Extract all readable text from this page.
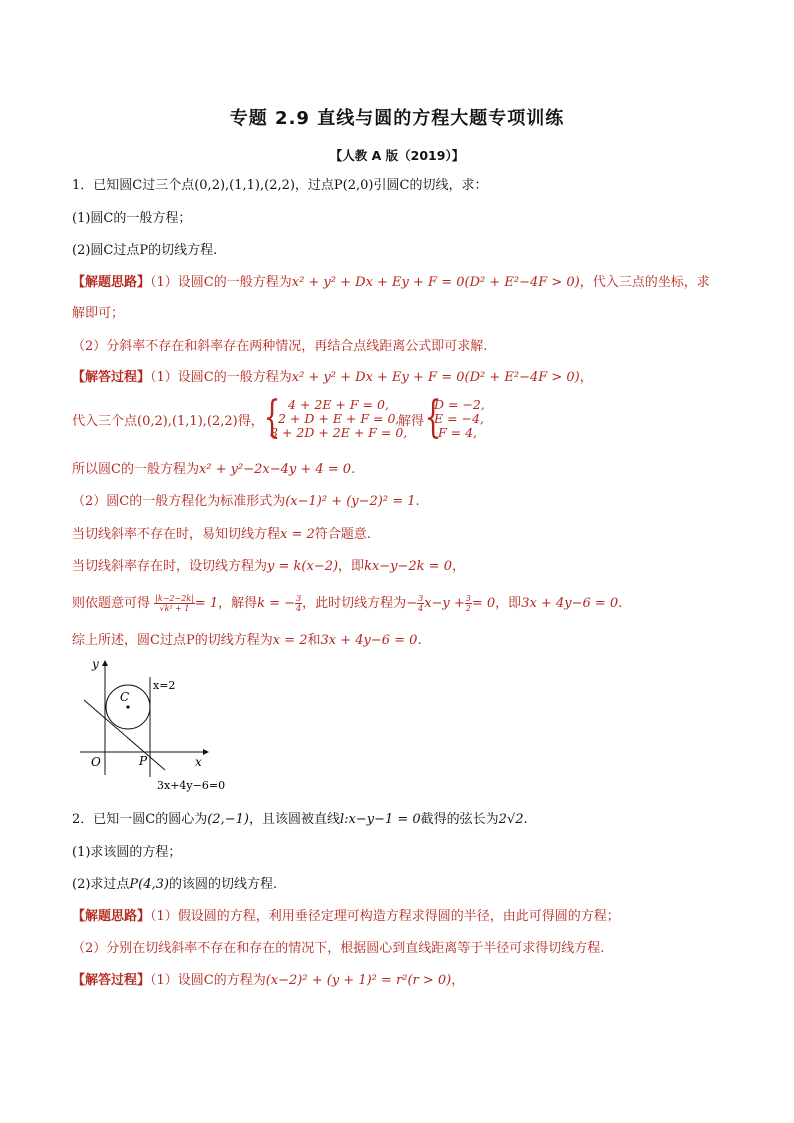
专题 2.9 直线与圆的方程大题专项训练
【人教 A 版（2019）】
1．已知圆C过三个点(0,2),(1,1),(2,2)，过点P(2,0)引圆C的切线，求：
(1)圆C的一般方程；
(2)圆C过点P的切线方程.
【解题思路】（1）设圆C的一般方程为x² + y² + Dx + Ey + F = 0(D² + E²−4F > 0)，代入三点的坐标，求
解即可；
（2）分斜率不存在和斜率存在两种情况，再结合点线距离公式即可求解.
【解答过程】（1）设圆C的一般方程为x² + y² + Dx + Ey + F = 0(D² + E²−4F > 0)，
代入三个点(0,2),(1,1),(2,2)得， { 4 + 2E + F = 0,
2 + D + E + F = 0,
8 + 2D + 2E + F = 0,
解得 {
D = −2,
E = −4,
F = 4,
所以圆C的一般方程为x² + y²−2x−4y + 4 = 0.
（2）圆C的一般方程化为标准形式为(x−1)² + (y−2)² = 1.
当切线斜率不存在时，易知切线方程x = 2符合题意.
当切线斜率存在时，设切线方程为y = k(x−2)，即kx−y−2k = 0，
则依题意可得 $\frac{|k-2-2k|}{\text{√k² + 1}} = 1$，解得k = − $\frac{3}{4}$ ，此时切线方程为− $\frac{3}{4} x-y + \frac{3}{2} = 0$，即3x + 4y−6 = 0.
综上所述，圆C过点P的切线方程为x = 2和3x + 4y−6 = 0.
y
x
O	P
C
x=2
3x+4y−6=0
2．已知一圆C的圆心为(2,−1)，且该圆被直线l:x−y−1 = 0截得的弦长为2√2.
(1)求该圆的方程；
(2)求过点P(4,3)的该圆的切线方程.
【解题思路】（1）假设圆的方程，利用垂径定理可构造方程求得圆的半径，由此可得圆的方程；
（2）分别在切线斜率不存在和存在的情况下，根据圆心到直线距离等于半径可求得切线方程.
【解答过程】（1）设圆C的方程为(x−2)² + (y + 1)² = r²(r > 0)，
